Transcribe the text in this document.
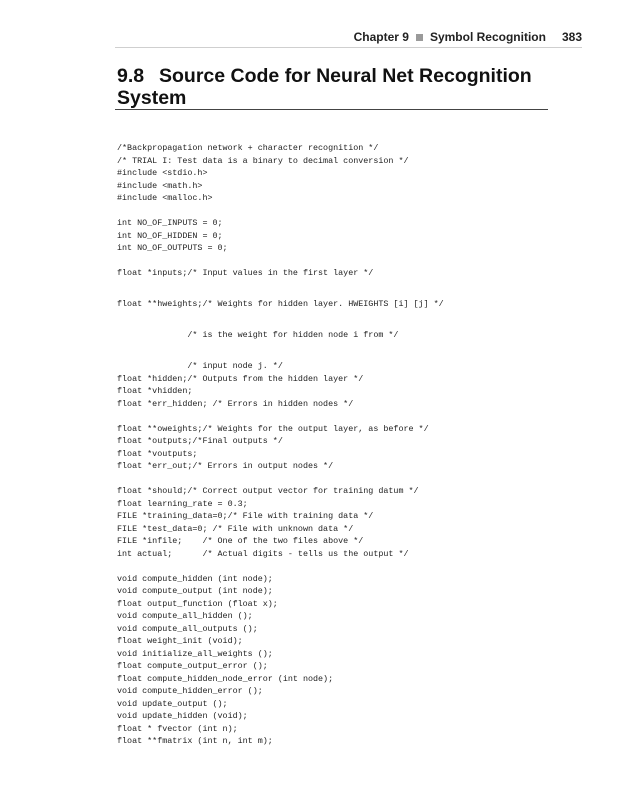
Chapter 9 Symbol Recognition 383
9.8 Source Code for Neural Net Recognition System
/*Backpropagation network + character recognition */
/* TRIAL I: Test data is a binary to decimal conversion */
#include <stdio.h>
#include <math.h>
#include <malloc.h>
int NO_OF_INPUTS = 0;
int NO_OF_HIDDEN = 0;
int NO_OF_OUTPUTS = 0;
float *inputs;/* Input values in the first layer */
float **hweights;/* Weights for hidden layer. HWEIGHTS [i] [j] */
/* is the weight for hidden node i from */
/* input node j. */
float *hidden;/* Outputs from the hidden layer */
float *vhidden;
float *err_hidden; /* Errors in hidden nodes */
float **oweights;/* Weights for the output layer, as before */
float *outputs;/*Final outputs */
float *voutputs;
float *err_out;/* Errors in output nodes */
float *should;/* Correct output vector for training datum */
float learning_rate = 0.3;
FILE *training_data=0;/* File with training data */
FILE *test_data=0; /* File with unknown data */
FILE *infile;    /* One of the two files above */
int actual;      /* Actual digits - tells us the output */
void compute_hidden (int node);
void compute_output (int node);
float output_function (float x);
void compute_all_hidden ();
void compute_all_outputs ();
float weight_init (void);
void initialize_all_weights ();
float compute_output_error ();
float compute_hidden_node_error (int node);
void compute_hidden_error ();
void update_output ();
void update_hidden (void);
float * fvector (int n);
float **fmatrix (int n, int m);
